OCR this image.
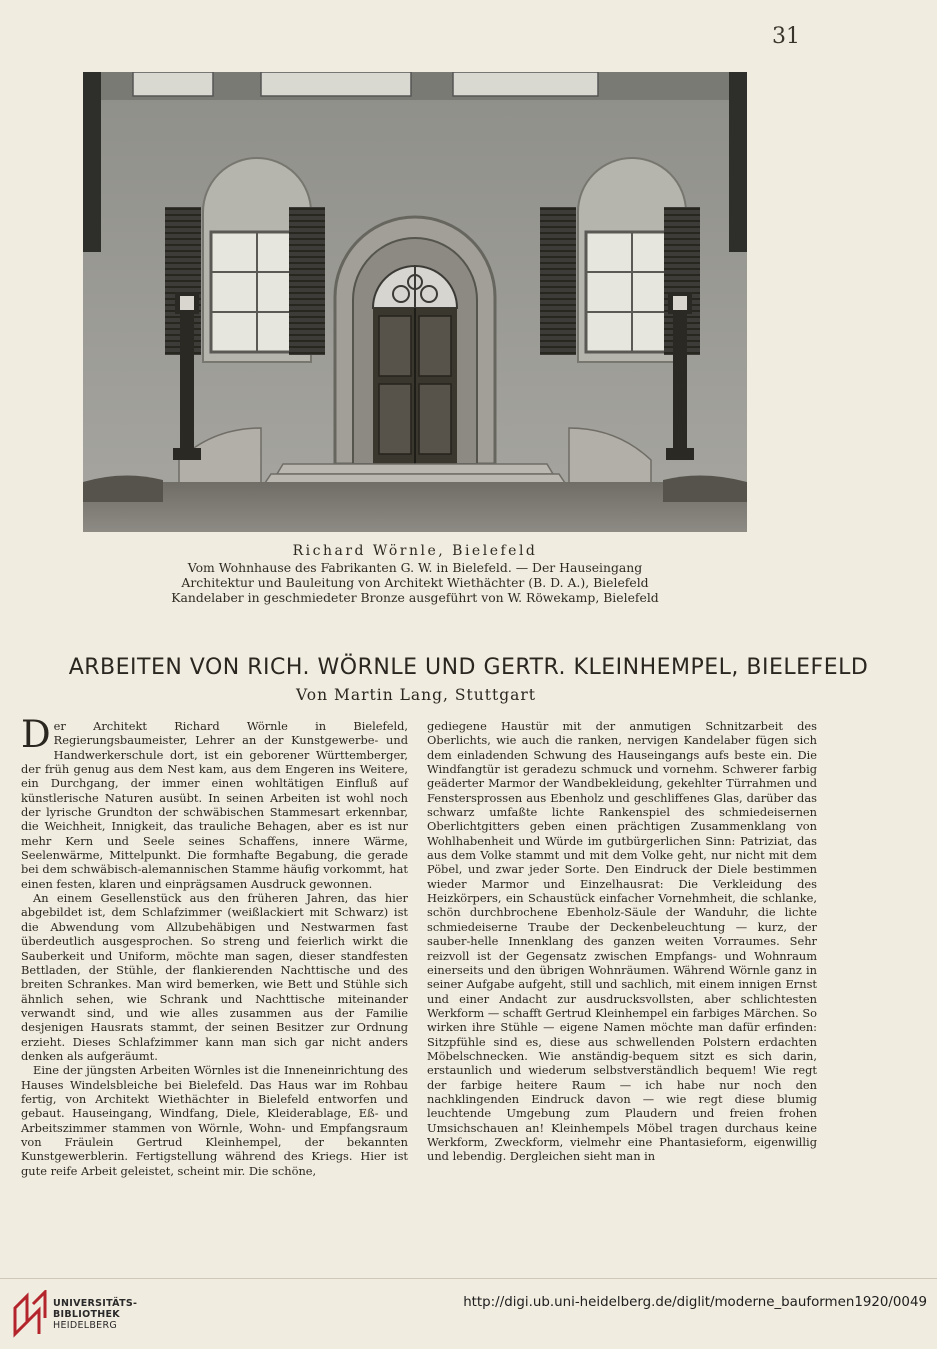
31
Richard Wörnle, Bielefeld
Vom Wohnhause des Fabrikanten G. W. in Bielefeld. — Der Hauseingang
Architektur und Bauleitung von Architekt Wiethächter (B. D. A.), Bielefeld
Kandelaber in geschmiedeter Bronze ausgeführt von W. Röwekamp, Bielefeld
ARBEITEN VON RICH. WÖRNLE UND GERTR. KLEINHEMPEL, BIELEFELD
Von Martin Lang, Stuttgart

Der Architekt Richard Wörnle in Bielefeld, Regierungsbaumeister, Lehrer an der Kunstgewerbe- und Handwerkerschule dort, ist ein geborener Württemberger, der früh genug aus dem Nest kam, aus dem Engeren ins Weitere, ein Durchgang, der immer einen wohltätigen Einfluß auf künstlerische Naturen ausübt. In seinen Arbeiten ist wohl noch der lyrische Grundton der schwäbischen Stammesart erkennbar, die Weichheit, Innigkeit, das trauliche Behagen, aber es ist nur mehr Kern und Seele seines Schaffens, innere Wärme, Seelenwärme, Mittelpunkt. Die formhafte Begabung, die gerade bei dem schwäbisch-alemannischen Stamme häufig vorkommt, hat einen festen, klaren und einprägsamen Ausdruck gewonnen.

An einem Gesellenstück aus den früheren Jahren, das hier abgebildet ist, dem Schlafzimmer (weißlackiert mit Schwarz) ist die Abwendung vom Allzubehäbigen und Nestwarmen fast überdeutlich ausgesprochen. So streng und feierlich wirkt die Sauberkeit und Uniform, möchte man sagen, dieser standfesten Bettladen, der Stühle, der flankierenden Nachttische und des breiten Schrankes. Man wird bemerken, wie Bett und Stühle sich ähnlich sehen, wie Schrank und Nachttische miteinander verwandt sind, und wie alles zusammen aus der Familie desjenigen Hausrats stammt, der seinen Besitzer zur Ordnung erzieht. Dieses Schlafzimmer kann man sich gar nicht anders denken als aufgeräumt.

Eine der jüngsten Arbeiten Wörnles ist die Inneneinrichtung des Hauses Windelsbleiche bei Bielefeld. Das Haus war im Rohbau fertig, von Architekt Wiethächter in Bielefeld entworfen und gebaut. Hauseingang, Windfang, Diele, Kleiderablage, Eß- und Arbeitszimmer stammen von Wörnle, Wohn- und Empfangsraum von Fräulein Gertrud Kleinhempel, der bekannten Kunstgewerblerin. Fertigstellung während des Kriegs. Hier ist gute reife Arbeit geleistet, scheint mir. Die schöne,

gediegene Haustür mit der anmutigen Schnitzarbeit des Oberlichts, wie auch die ranken, nervigen Kandelaber fügen sich dem einladenden Schwung des Hauseingangs aufs beste ein. Die Windfangtür ist geradezu schmuck und vornehm. Schwerer farbig geäderter Marmor der Wandbekleidung, gekehlter Türrahmen und Fenstersprossen aus Ebenholz und geschliffenes Glas, darüber das schwarz umfaßte lichte Rankenspiel des schmiedeisernen Oberlichtgitters geben einen prächtigen Zusammenklang von Wohlhabenheit und Würde im gutbürgerlichen Sinn: Patriziat, das aus dem Volke stammt und mit dem Volke geht, nur nicht mit dem Pöbel, und zwar jeder Sorte. Den Eindruck der Diele bestimmen wieder Marmor und Einzelhausrat: Die Verkleidung des Heizkörpers, ein Schaustück einfacher Vornehmheit, die schlanke, schön durchbrochene Ebenholz-Säule der Wanduhr, die lichte schmiedeiserne Traube der Deckenbeleuchtung — kurz, der sauber-helle Innenklang des ganzen weiten Vorraumes. Sehr reizvoll ist der Gegensatz zwischen Empfangs- und Wohnraum einerseits und den übrigen Wohnräumen. Während Wörnle ganz in seiner Aufgabe aufgeht, still und sachlich, mit einem innigen Ernst und einer Andacht zur ausdrucksvollsten, aber schlichtesten Werkform — schafft Gertrud Kleinhempel ein farbiges Märchen. So wirken ihre Stühle — eigene Namen möchte man dafür erfinden: Sitzpfühle sind es, diese aus schwellenden Polstern erdachten Möbelschnecken. Wie anständig-bequem sitzt es sich darin, erstaunlich und wiederum selbstverständlich bequem! Wie regt der farbige heitere Raum — ich habe nur noch den nachklingenden Eindruck davon — wie regt diese blumig leuchtende Umgebung zum Plaudern und freien frohen Umsichschauen an! Kleinhempels Möbel tragen durchaus keine Werkform, Zweckform, vielmehr eine Phantasieform, eigenwillig und lebendig. Dergleichen sieht man in

UNIVERSITÄTS-
BIBLIOTHEK
HEIDELBERG
http://digi.ub.uni-heidelberg.de/diglit/moderne_bauformen1920/0049
